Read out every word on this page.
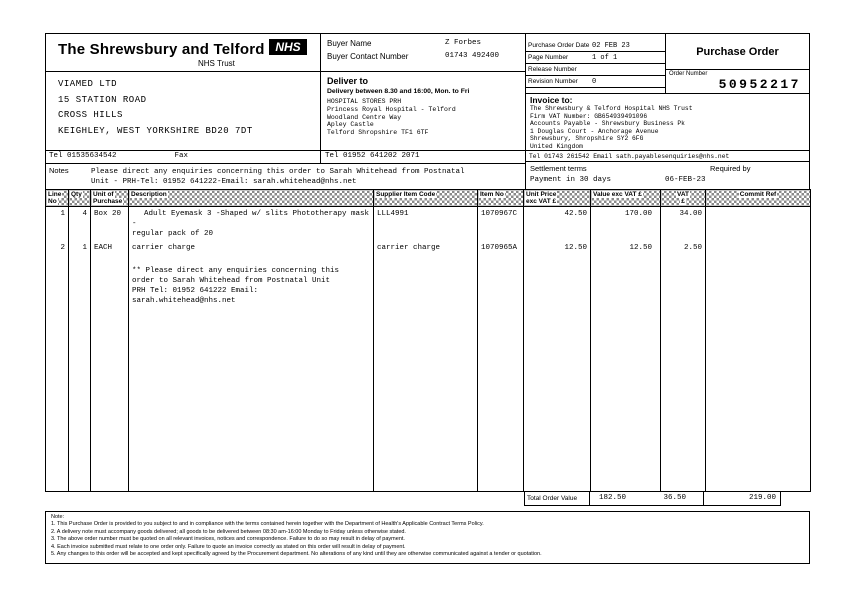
The Shrewsbury and Telford NHS
NHS Trust
Buyer Name	Z Forbes
Buyer Contact Number	01743 492400
VIAMED LTD
15 STATION ROAD
CROSS HILLS
KEIGHLEY, WEST YORKSHIRE BD20 7DT
Deliver to
Delivery between 8.30 and 16:00, Mon. to Fri
HOSPITAL STORES PRH
Princess Royal Hospital - Telford
Woodland Centre Way
Apley Castle
Telford Shropshire TF1 6TF
Tel
01535634542	Fax	Tel 01952 641202 2071
Notes	Please direct any enquiries concerning this order to Sarah Whitehead from Postnatal
Unit - PRH-Tel: 01952 641222-Email: sarah.whitehead@nhs.net
Purchase Order Date 02 FEB 23
Page Number	1 of 1
Release Number
Revision Number	0
Purchase Order
Order Number
50952217
Invoice to:
The Shrewsbury & Telford Hospital NHS Trust
Firm VAT Number: GB654939491096
Accounts Payable - Shrewsbury Business Pk
1 Douglas Court - Anchorage Avenue
Shrewsbury, Shropshire SY2 6FG
United Kingdom
Tel 01743 261542 Email sath.payablesenquiries@nhs.net
Settlement terms
Payment in 30 days
Required by
06-FEB-23
Line
No	Qty	Unit of
Purchase	Description	Supplier Item Code	Item No	Unit Price
exc VAT £	Value exc VAT £	VAT
£	Commit Ref
1	4	Box 20	Adult Eyemask 3 -Shaped w/ slits Phototherapy mask -
regular pack of 20	LLL4991	1070967C	42.50	170.00	34.00	
2	1	EACH	carrier charge
** Please direct any enquiries concerning this
order to Sarah Whitehead from Postnatal Unit
PRH Tel: 01952 641222 Email:
sarah.whitehead@nhs.net	carrier charge	1070965A	12.50	12.50	2.50	

Total Order Value	182.50	36.50	219.00
Note:
1. This Purchase Order is provided to you subject to and in compliance with the terms contained herein together with the Department of Health's Applicable Contract Terms Policy.
2. A delivery note must accompany goods delivered; all goods to be delivered between 08:30 am-16:00 Monday to Friday unless otherwise stated.
3. The above order number must be quoted on all relevant invoices, notices and correspondence. Failure to do so may result in delay of payment.
4. Each invoice submitted must relate to one order only. Failure to quote an invoice correctly as stated on this order will result in delay of payment.
5. Any changes to this order will be accepted and kept specifically agreed by the Procurement department. No alterations of any kind until they are otherwise communicated against a tender or quotation.
